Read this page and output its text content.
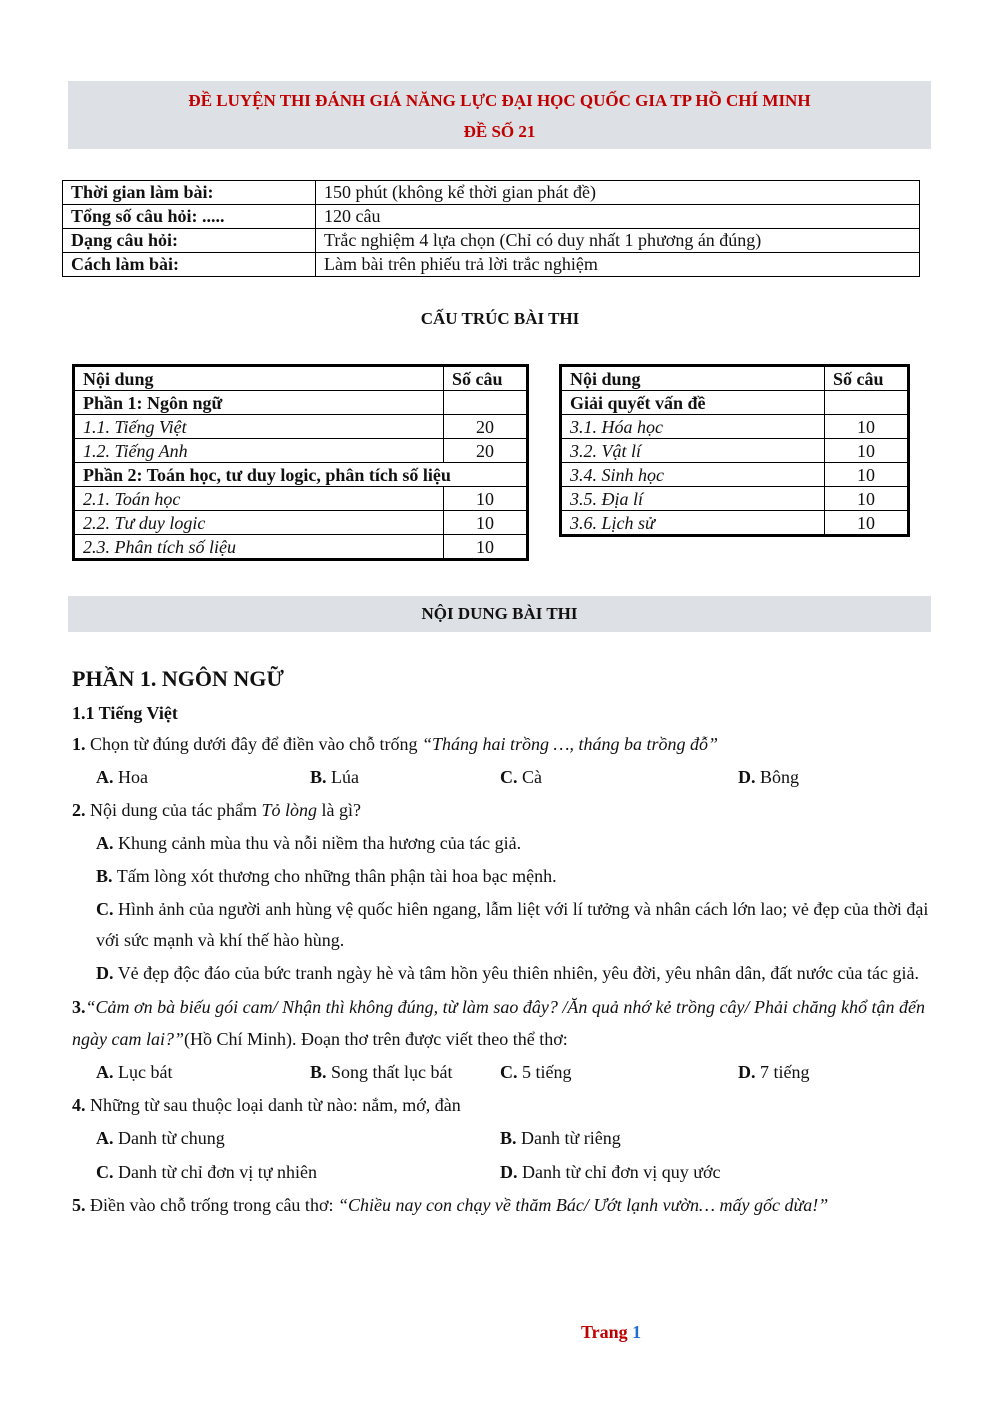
ĐỀ LUYỆN THI ĐÁNH GIÁ NĂNG LỰC ĐẠI HỌC QUỐC GIA TP HỒ CHÍ MINH
ĐỀ SỐ 21
Thời gian làm bài:	150 phút (không kể thời gian phát đề)
Tổng số câu hỏi: .....	120 câu
Dạng câu hỏi:	Trắc nghiệm 4 lựa chọn (Chỉ có duy nhất 1 phương án đúng)
Cách làm bài:	Làm bài trên phiếu trả lời trắc nghiệm
CẤU TRÚC BÀI THI
Nội dung	Số câu
Phần 1: Ngôn ngữ	
1.1. Tiếng Việt	20
1.2. Tiếng Anh	20
Phần 2: Toán học, tư duy logic, phân tích số liệu	
2.1. Toán học	10
2.2. Tư duy logic	10
2.3. Phân tích số liệu	10
Nội dung	Số câu
Giải quyết vấn đề	
3.1. Hóa học	10
3.2. Vật lí	10
3.4. Sinh học	10
3.5. Địa lí	10
3.6. Lịch sử	10
NỘI DUNG BÀI THI
PHẦN 1. NGÔN NGỮ
1.1 Tiếng Việt
1. Chọn từ đúng dưới đây để điền vào chỗ trống “Tháng hai trồng …, tháng ba trồng đỗ”
A. Hoa	B. Lúa	C. Cà	D. Bông
2. Nội dung của tác phẩm Tỏ lòng là gì?
A. Khung cảnh mùa thu và nỗi niềm tha hương của tác giả.
B. Tấm lòng xót thương cho những thân phận tài hoa bạc mệnh.
C. Hình ảnh của người anh hùng vệ quốc hiên ngang, lẫm liệt với lí tưởng và nhân cách lớn lao; vẻ đẹp của thời đại với sức mạnh và khí thế hào hùng.
D. Vẻ đẹp độc đáo của bức tranh ngày hè và tâm hồn yêu thiên nhiên, yêu đời, yêu nhân dân, đất nước của tác giả.
3.“Cảm ơn bà biếu gói cam/ Nhận thì không đúng, từ làm sao đây? /Ăn quả nhớ kẻ trồng cây/ Phải chăng khổ tận đến ngày cam lai?”(Hồ Chí Minh). Đoạn thơ trên được viết theo thể thơ:
A. Lục bát	B. Song thất lục bát	C. 5 tiếng	D. 7 tiếng
4. Những từ sau thuộc loại danh từ nào: nắm, mớ, đàn
A. Danh từ chung	B. Danh từ riêng
C. Danh từ chỉ đơn vị tự nhiên	D. Danh từ chỉ đơn vị quy ước
5. Điền vào chỗ trống trong câu thơ: “Chiều nay con chạy về thăm Bác/ Ướt lạnh vườn… mấy gốc dừa!”
Trang 1
